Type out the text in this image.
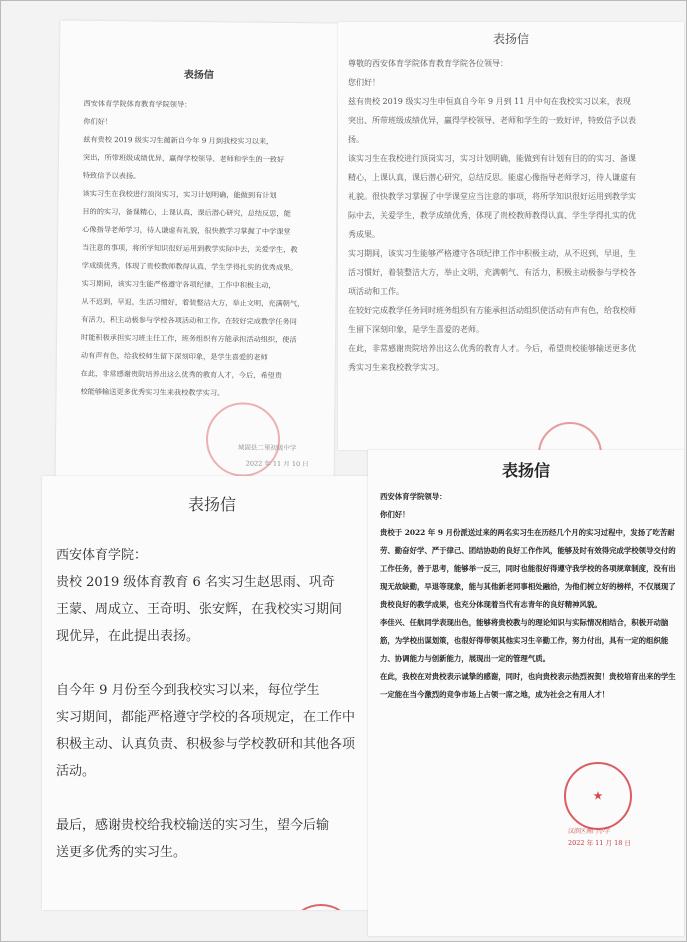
表扬信

西安体育学院体育教育学院领导：

你们好！

兹有贵校 2019 级实习生蔺新自今年 9 月到我校实习以来，

突出，所带班级成绩优异，赢得学校领导、老师和学生的一致好

特致信予以表扬。

该实习生在我校进行顶岗实习，实习计划明确，能做到有计划

目的的实习，备课精心，上课认真，课后潜心研究，总结反思，能

心像指导老师学习，待人谦虚有礼貌，很快教学习掌握了中学课堂

当注意的事项，将所学知识很好运用到教学实际中去，关爱学生，教

学成绩优秀，体现了贵校教师教得认真、学生学得扎实的优秀成果。

实习期间，该实习生能严格遵守各项纪律，工作中积极主动，

从不迟到，早退，生活习惯好，着装整洁大方，举止文明，充满朝气，

有活力，积主动极参与学校各项活动和工作。在较好完成教学任务同

时能积极承担实习班主任工作，班务组织有方能承担活动组织，使活

动有声有色，给我校师生留下深刻印象，是学生喜爱的老师

在此，非常感谢贵院培养出这么优秀的教育人才，今后，希望贵

校能够输送更多优秀实习生来我校教学实习。

城固县二里初级中学
2022 年 11 月 10 日
表扬信

尊敬的西安体育学院体育教育学院各位领导：

您们好！

兹有贵校 2019 级实习生申恒真自今年 9 月到 11 月中旬在我校实习以来，表现突出、所带班级成绩优异，赢得学校领导、老师和学生的一致好评，特致信予以表扬。

该实习生在我校进行顶岗实习，实习计划明确，能做到有计划有目的的实习、备课精心，上课认真，课后潜心研究，总结反思。能虚心像指导老师学习，待人谦虚有礼貌。很快教学习掌握了中学课堂应当注意的事项，将所学知识很好运用到教学实际中去，关爱学生，教学成绩优秀，体现了贵校教师教得认真、学生学得扎实的优秀成果。

实习期间，该实习生能够严格遵守各项纪律工作中积极主动，从不迟到，早退，生活习惯好，着装整洁大方，举止文明，充满朝气、有活力，积极主动极参与学校各项活动和工作。

在较好完成教学任务同时班务组织有方能承担活动组织使活动有声有色，给我校师生留下深刻印象，是学生喜爱的老师。

在此，非常感谢贵院培养出这么优秀的教育人才。今后，希望贵校能够输送更多优秀实习生来我校教学实习。

表扬信

西安体育学院：

贵校 2019 级体育教育 6 名实习生赵思雨、巩奇

王蒙、周成立、王奇明、张安辉，在我校实习期间

现优异，在此提出表扬。

自今年 9 月份至今到我校实习以来，每位学生

实习期间，都能严格遵守学校的各项规定，在工作中

积极主动、认真负责、积极参与学校教研和其他各项

活动。

最后，感谢贵校给我校输送的实习生，望今后输

送更多优秀的实习生。

表扬信

西安体育学院领导：

你们好！

贵校于 2022 年 9 月份派送过来的两名实习生在历经几个月的实习过程中，发扬了吃苦耐劳、勤奋好学、严于律己、团结协助的良好工作作风，能够及时有效得完成学校领导交付的工作任务，善于思考，能够举一反三，同时也能很好得遵守我学校的各项规章制度，没有出现无故缺勤，早退等现象，能与其他新老同事相处融洽，为他们树立好的榜样，不仅展现了贵校良好的教学成果，也充分体现着当代有志青年的良好精神风貌。

李佳兴、任航同学表现出色，能够将贵校教与的理论知识与实际情况相结合，积极开动脑筋，为学校出谋划策，也很好得带领其他实习生辛勤工作，努力付出，具有一定的组织能力、协调能力与创新能力，展现出一定的管理气质。

在此，我校在对贵校表示诚挚的感谢，同时，也向贵校表示热烈祝贺！贵校培育出来的学生一定能在当今激烈的竞争市场上占领一席之地，成为社会之有用人才！

★
汉滨区南门小学
2022 年 11 月 18 日
